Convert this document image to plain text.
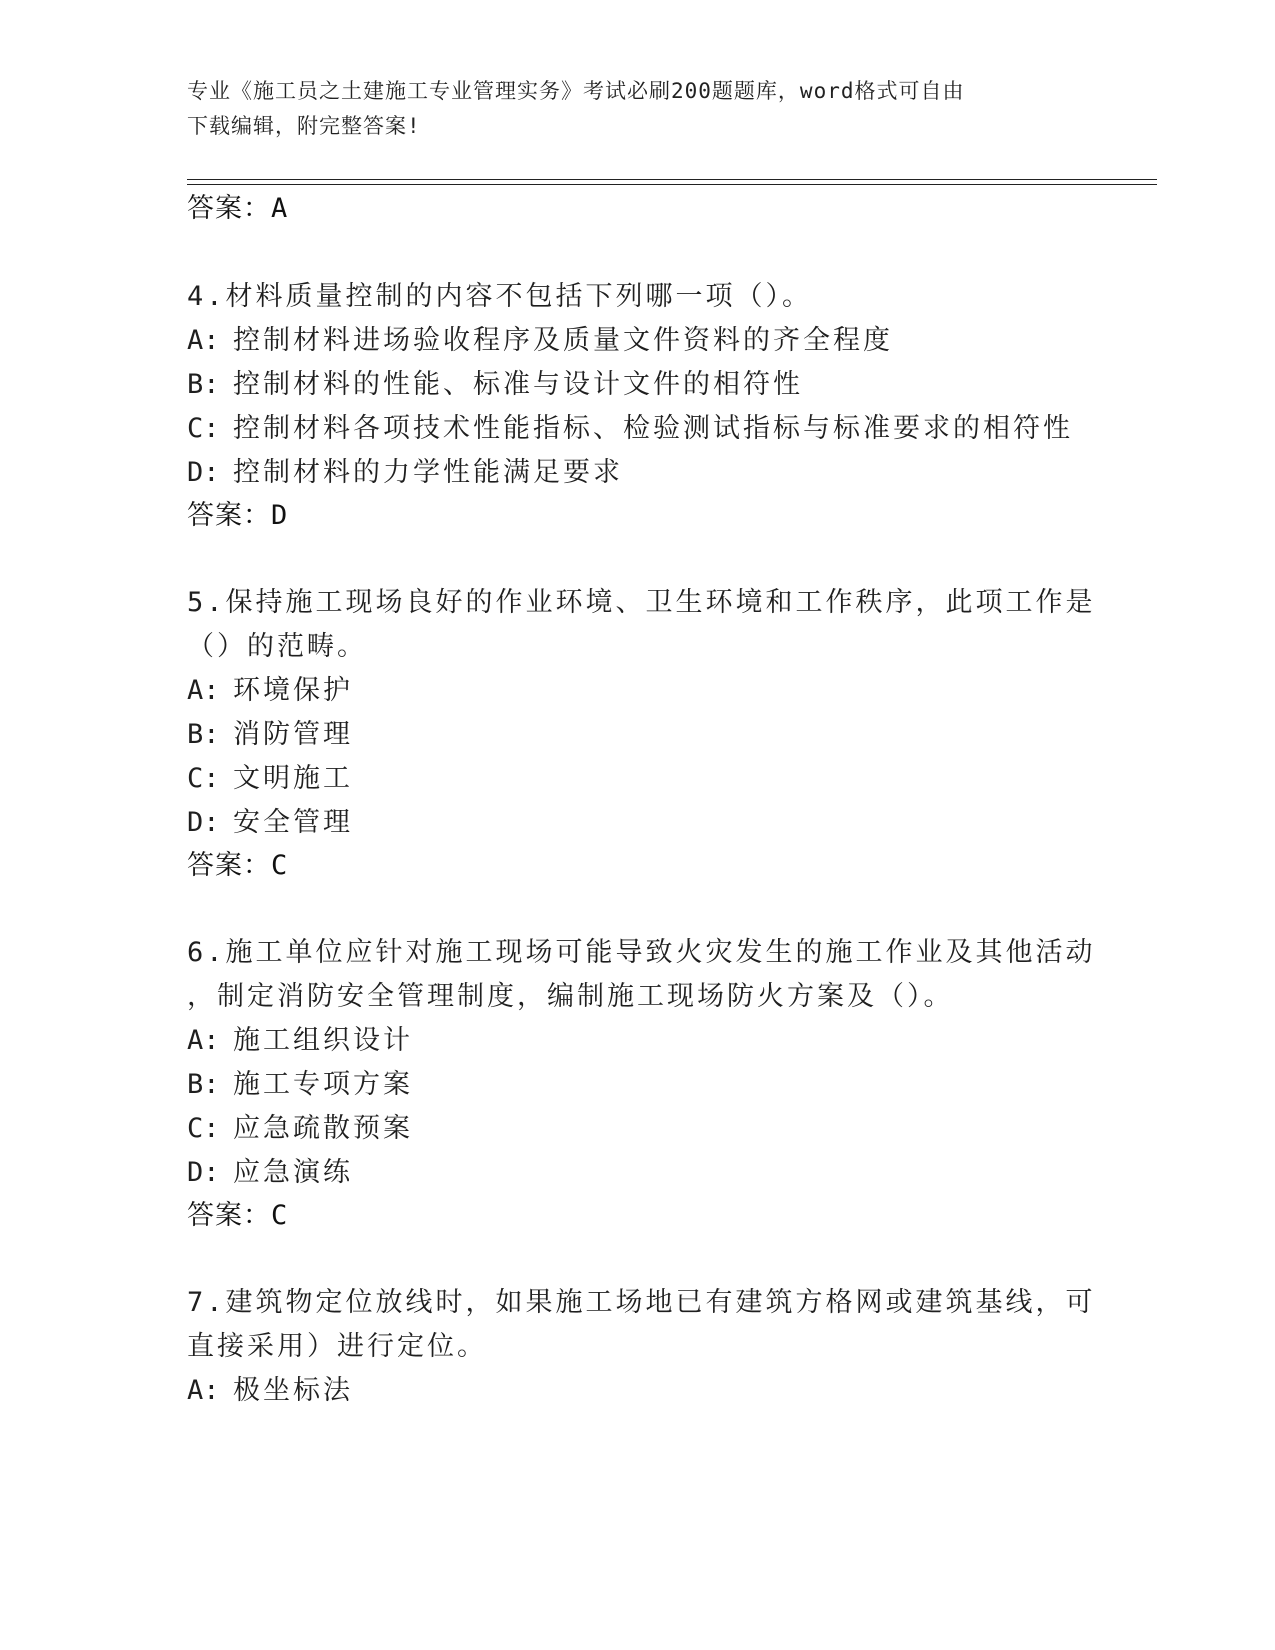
专业《施工员之土建施工专业管理实务》考试必刷200题题库，word格式可自由
下载编辑，附完整答案!
答案：A
4.材料质量控制的内容不包括下列哪一项（）。
A: 控制材料进场验收程序及质量文件资料的齐全程度
B: 控制材料的性能、标准与设计文件的相符性
C: 控制材料各项技术性能指标、检验测试指标与标准要求的相符性
D: 控制材料的力学性能满足要求
答案：D
5.保持施工现场良好的作业环境、卫生环境和工作秩序，此项工作是
（）的范畴。
A: 环境保护
B: 消防管理
C: 文明施工
D: 安全管理
答案：C
6.施工单位应针对施工现场可能导致火灾发生的施工作业及其他活动
，制定消防安全管理制度，编制施工现场防火方案及（）。
A: 施工组织设计
B: 施工专项方案
C: 应急疏散预案
D: 应急演练
答案：C
7.建筑物定位放线时，如果施工场地已有建筑方格网或建筑基线，可
直接采用）进行定位。
A: 极坐标法
